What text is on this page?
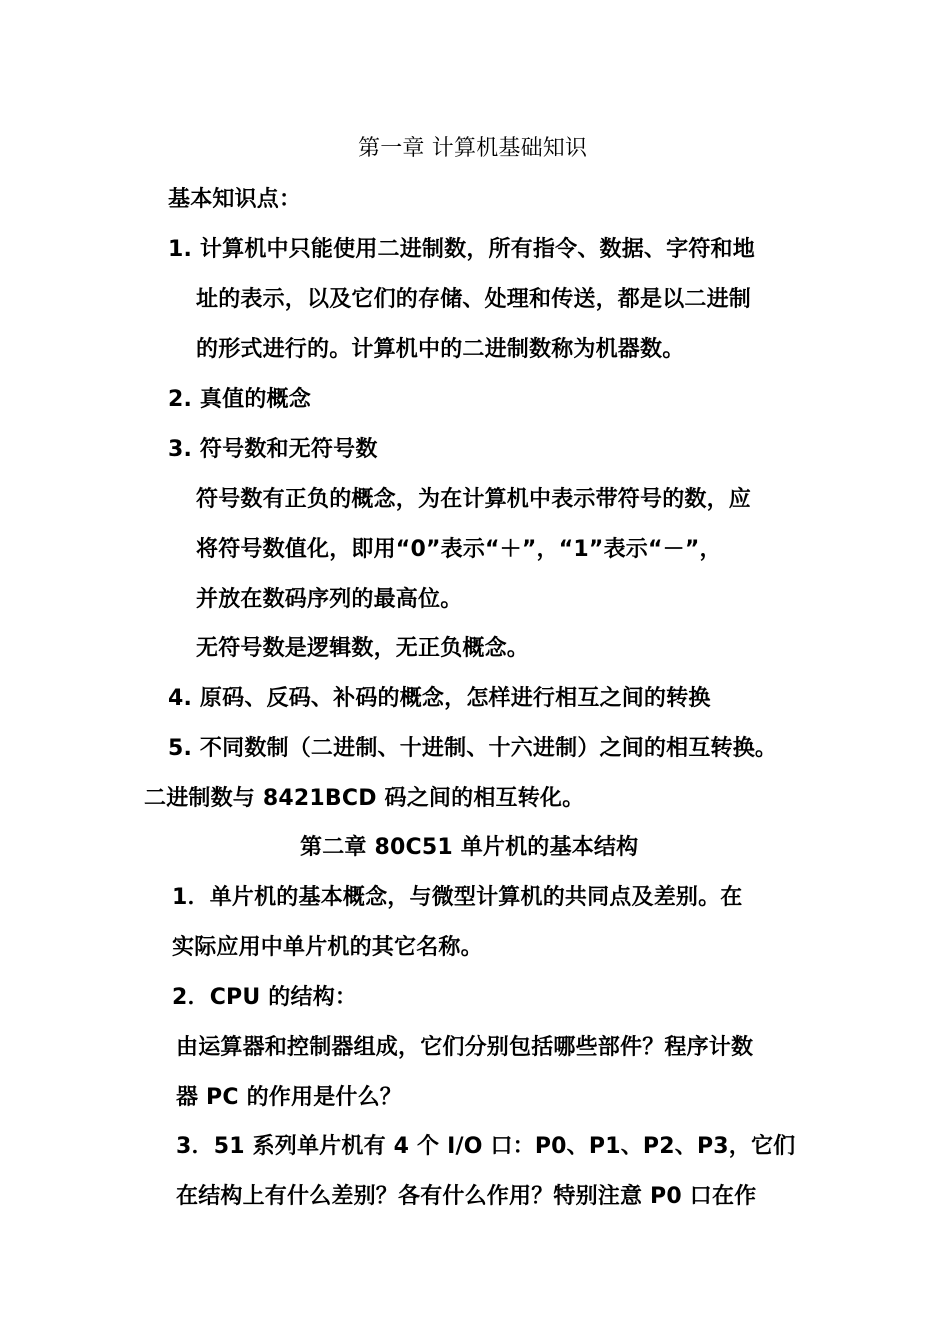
第一章 计算机基础知识
基本知识点：
1. 计算机中只能使用二进制数，所有指令、数据、字符和地
址的表示，以及它们的存储、处理和传送，都是以二进制
的形式进行的。计算机中的二进制数称为机器数。
2. 真值的概念
3. 符号数和无符号数
符号数有正负的概念，为在计算机中表示带符号的数，应
将符号数值化，即用“0”表示“＋”，“1”表示“－”，
并放在数码序列的最高位。
无符号数是逻辑数，无正负概念。
4. 原码、反码、补码的概念，怎样进行相互之间的转换
5. 不同数制（二进制、十进制、十六进制）之间的相互转换。
二进制数与 8421BCD 码之间的相互转化。
第二章 80C51 单片机的基本结构
1．单片机的基本概念，与微型计算机的共同点及差别。在
实际应用中单片机的其它名称。
2．CPU 的结构：
由运算器和控制器组成，它们分别包括哪些部件？程序计数
器 PC 的作用是什么？
3．51 系列单片机有 4 个 I/O 口：P0、P1、P2、P3，它们
在结构上有什么差别？各有什么作用？特别注意 P0 口在作
